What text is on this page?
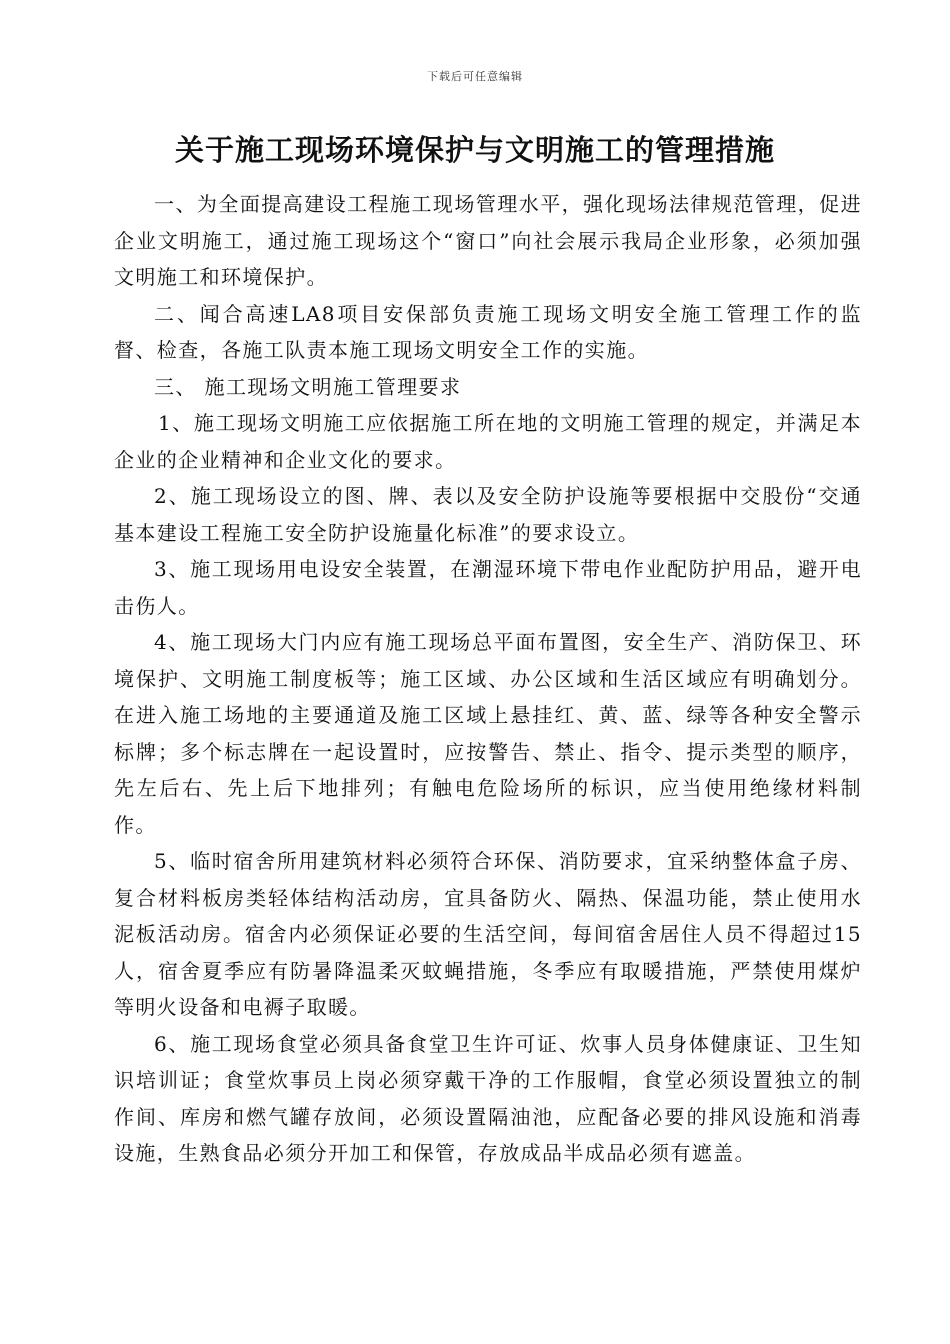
下载后可任意编辑
关于施工现场环境保护与文明施工的管理措施

一、为全面提高建设工程施工现场管理水平，强化现场法律规范管理，促进企业文明施工，通过施工现场这个“窗口”向社会展示我局企业形象，必须加强文明施工和环境保护。

二、闻合高速LA8项目安保部负责施工现场文明安全施工管理工作的监督、检查，各施工队责本施工现场文明安全工作的实施。

三、 施工现场文明施工管理要求

1、施工现场文明施工应依据施工所在地的文明施工管理的规定，并满足本企业的企业精神和企业文化的要求。

2、施工现场设立的图、牌、表以及安全防护设施等要根据中交股份“交通基本建设工程施工安全防护设施量化标准”的要求设立。

3、施工现场用电设安全装置，在潮湿环境下带电作业配防护用品，避开电击伤人。

4、施工现场大门内应有施工现场总平面布置图，安全生产、消防保卫、环境保护、文明施工制度板等；施工区域、办公区域和生活区域应有明确划分。在进入施工场地的主要通道及施工区域上悬挂红、黄、蓝、绿等各种安全警示标牌；多个标志牌在一起设置时，应按警告、禁止、指令、提示类型的顺序，先左后右、先上后下地排列；有触电危险场所的标识，应当使用绝缘材料制作。

5、临时宿舍所用建筑材料必须符合环保、消防要求，宜采纳整体盒子房、复合材料板房类轻体结构活动房，宜具备防火、隔热、保温功能，禁止使用水泥板活动房。宿舍内必须保证必要的生活空间，每间宿舍居住人员不得超过15人，宿舍夏季应有防暑降温柔灭蚊蝇措施，冬季应有取暖措施，严禁使用煤炉等明火设备和电褥子取暖。

6、施工现场食堂必须具备食堂卫生许可证、炊事人员身体健康证、卫生知识培训证；食堂炊事员上岗必须穿戴干净的工作服帽，食堂必须设置独立的制作间、库房和燃气罐存放间，必须设置隔油池，应配备必要的排风设施和消毒设施，生熟食品必须分开加工和保管，存放成品半成品必须有遮盖。
